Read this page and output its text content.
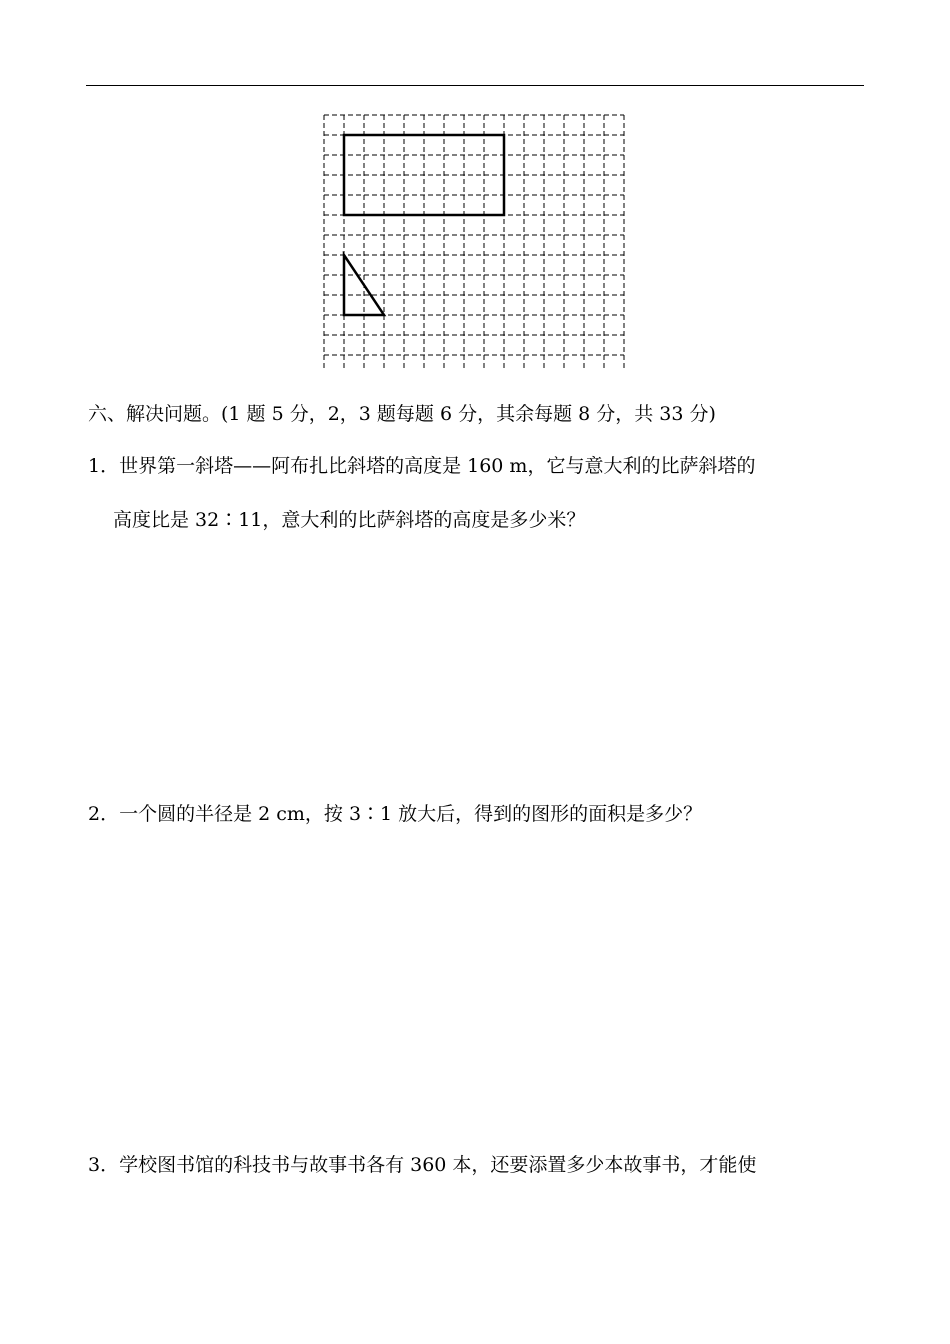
六、解决问题。(1 题 5 分，2，3 题每题 6 分，其余每题 8 分，共 33 分)
1．世界第一斜塔——阿布扎比斜塔的高度是 160 m，它与意大利的比萨斜塔的
高度比是 32∶11，意大利的比萨斜塔的高度是多少米？
2．一个圆的半径是 2 cm，按 3∶1 放大后，得到的图形的面积是多少？
3．学校图书馆的科技书与故事书各有 360 本，还要添置多少本故事书，才能使
